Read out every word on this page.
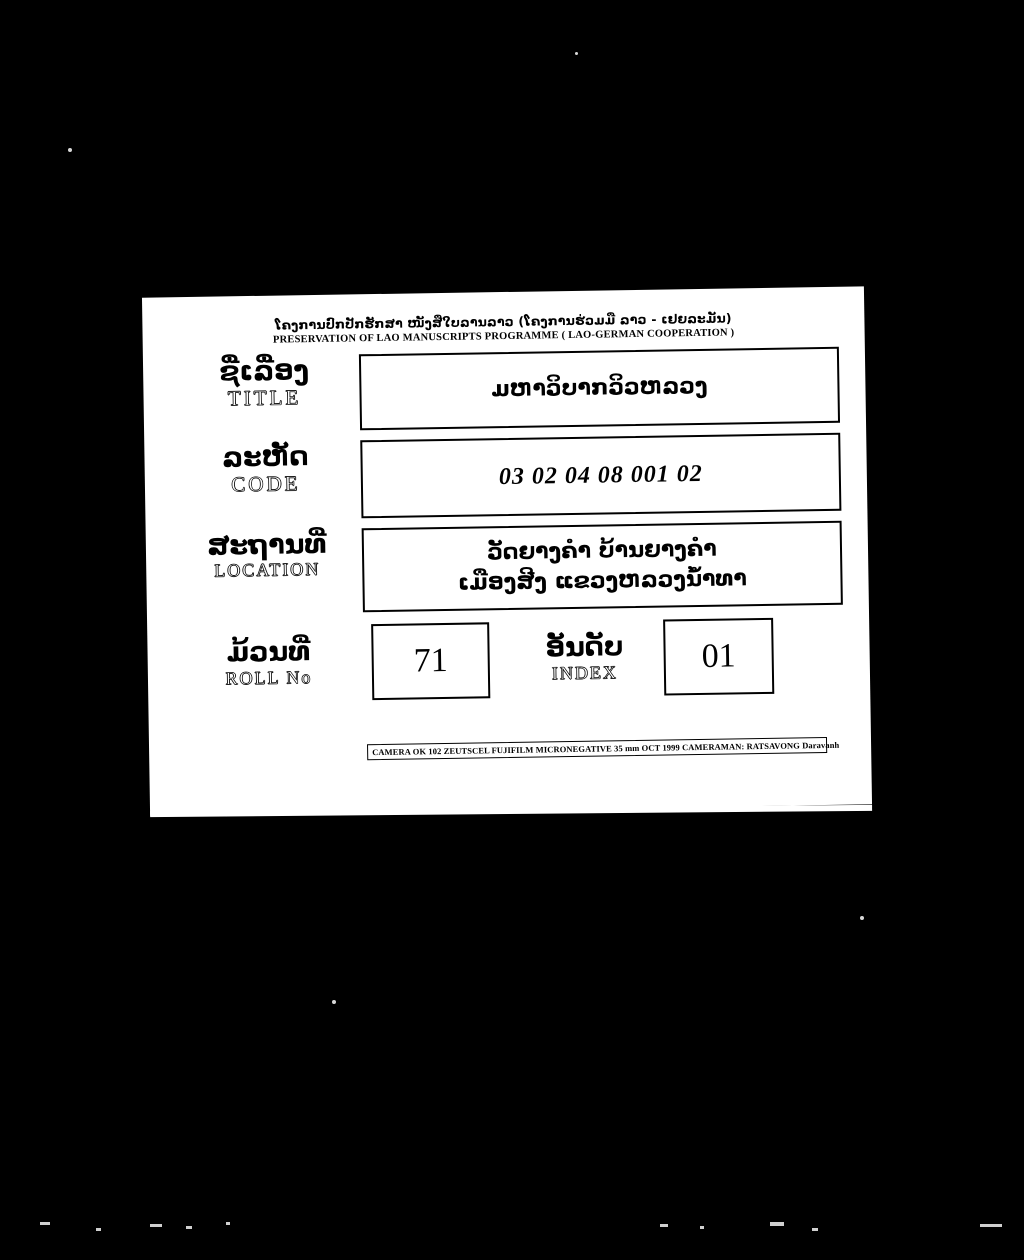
ໂຄງການປົກປັກຮັກສາ ໜັງສືໃບລານລາວ (ໂຄງການຮ່ວມມື ລາວ - ເຢຍລະມັນ)
PRESERVATION OF LAO MANUSCRIPTS PROGRAMME ( LAO-GERMAN COOPERATION )
ຊື່ເລື່ອງ
TITLE	ມຫາວິບາກວິວຫລວງ
ລະຫັດ
CODE	03 02 04 08 001 02
ສະຖານທີ່
LOCATION
ວັດຍາງຄຳ ບ້ານຍາງຄຳ
ເມືອງສີງ ແຂວງຫລວງນ້ຳທາ
ມ້ວນທີ່
ROLL No	71	ອັນດັບ
INDEX 01
CAMERA OK 102 ZEUTSCEL FUJIFILM MICRONEGATIVE 35 mm OCT 1999 CAMERAMAN: RATSAVONG Daravanh
